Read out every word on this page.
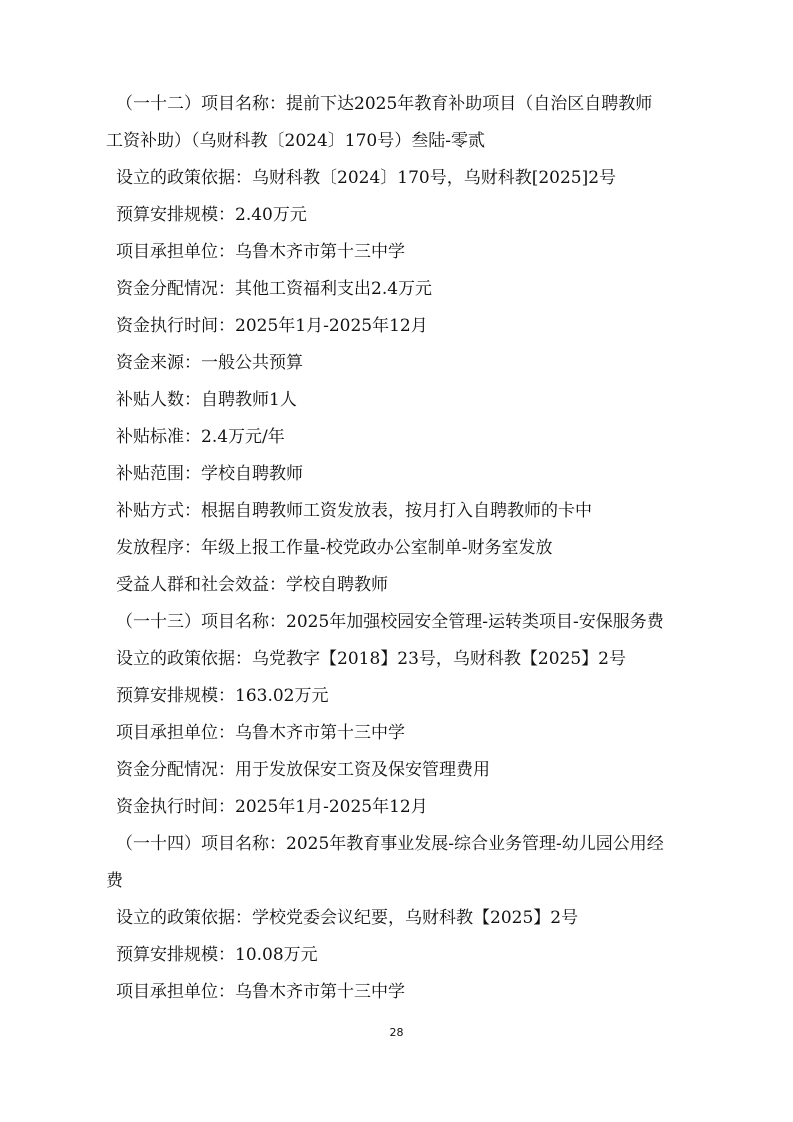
（一十二）项目名称：提前下达2025年教育补助项目（自治区自聘教师
工资补助）（乌财科教〔2024〕170号）叁陆-零贰
设立的政策依据：乌财科教〔2024〕170号，乌财科教[2025]2号
预算安排规模：2.40万元
项目承担单位：乌鲁木齐市第十三中学
资金分配情况：其他工资福利支出2.4万元
资金执行时间：2025年1月-2025年12月
资金来源：一般公共预算
补贴人数：自聘教师1人
补贴标准：2.4万元/年
补贴范围：学校自聘教师
补贴方式：根据自聘教师工资发放表，按月打入自聘教师的卡中
发放程序：年级上报工作量-校党政办公室制单-财务室发放
受益人群和社会效益：学校自聘教师
（一十三）项目名称：2025年加强校园安全管理-运转类项目-安保服务费
设立的政策依据：乌党教字【2018】23号，乌财科教【2025】2号
预算安排规模：163.02万元
项目承担单位：乌鲁木齐市第十三中学
资金分配情况：用于发放保安工资及保安管理费用
资金执行时间：2025年1月-2025年12月
（一十四）项目名称：2025年教育事业发展-综合业务管理-幼儿园公用经
费
设立的政策依据：学校党委会议纪要，乌财科教【2025】2号
预算安排规模：10.08万元
项目承担单位：乌鲁木齐市第十三中学
28
